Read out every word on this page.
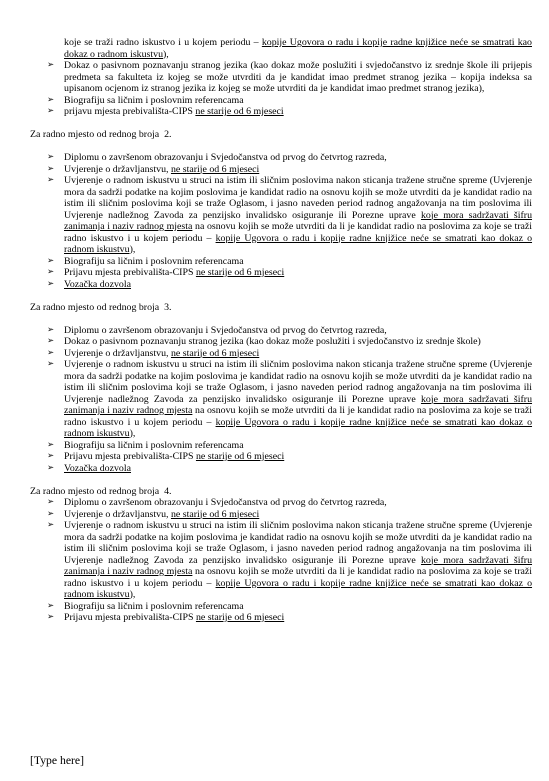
koje se traži radno iskustvo i u kojem periodu – kopije Ugovora o radu i kopije radne knjižice neće se smatrati kao dokaz o radnom iskustvu),
➢
Dokaz o pasivnom poznavanju stranog jezika (kao dokaz može poslužiti i svjedočanstvo iz srednje škole ili prijepis predmeta sa fakulteta iz kojeg se može utvrditi da je kandidat imao predmet stranog jezika – kopija indeksa sa upisanom ocjenom iz stranog jezika iz kojeg se može utvrditi da je kandidat imao predmet stranog jezika),
➢
Biografiju sa ličnim i poslovnim referencama
➢
prijavu mjesta prebivališta-CIPS ne starije od 6 mjeseci
Za radno mjesto od rednog broja  2.
➢
Diplomu o završenom obrazovanju i Svjedočanstva od prvog do četvrtog razreda,
➢
Uvjerenje o državljanstvu, ne starije od 6 mjeseci
➢
Uvjerenje o radnom iskustvu u struci na istim ili sličnim poslovima nakon sticanja tražene stručne spreme (Uvjerenje mora da sadrži podatke na kojim poslovima je kandidat radio na osnovu kojih se može utvrditi da je kandidat radio na istim ili sličnim poslovima koji se traže Oglasom, i jasno naveden period radnog angažovanja na tim poslovima ili Uvjerenje nadležnog Zavoda za penzijsko invalidsko osiguranje ili Porezne uprave koje mora sadržavati šifru zanimanja i naziv radnog mjesta na osnovu kojih se može utvrditi da li je kandidat radio na poslovima za koje se traži radno iskustvo i u kojem periodu – kopije Ugovora o radu i kopije radne knjižice neće se smatrati kao dokaz o radnom iskustvu),
➢
Biografiju sa ličnim i poslovnim referencama
➢
Prijavu mjesta prebivališta-CIPS ne starije od 6 mjeseci
➢
Vozačka dozvola
Za radno mjesto od rednog broja  3.
➢
Diplomu o završenom obrazovanju i Svjedočanstva od prvog do četvrtog razreda,
➢
Dokaz o pasivnom poznavanju stranog jezika (kao dokaz može poslužiti i svjedočanstvo iz srednje škole)
➢
Uvjerenje o državljanstvu, ne starije od 6 mjeseci
➢
Uvjerenje o radnom iskustvu u struci na istim ili sličnim poslovima nakon sticanja tražene stručne spreme (Uvjerenje mora da sadrži podatke na kojim poslovima je kandidat radio na osnovu kojih se može utvrditi da je kandidat radio na istim ili sličnim poslovima koji se traže Oglasom, i jasno naveden period radnog angažovanja na tim poslovima ili Uvjerenje nadležnog Zavoda za penzijsko invalidsko osiguranje ili Porezne uprave koje mora sadržavati šifru zanimanja i naziv radnog mjesta na osnovu kojih se može utvrditi da li je kandidat radio na poslovima za koje se traži radno iskustvo i u kojem periodu – kopije Ugovora o radu i kopije radne knjižice neće se smatrati kao dokaz o radnom iskustvu),
➢
Biografiju sa ličnim i poslovnim referencama
➢
Prijavu mjesta prebivališta-CIPS ne starije od 6 mjeseci
➢
Vozačka dozvola
Za radno mjesto od rednog broja  4.
➢
Diplomu o završenom obrazovanju i Svjedočanstva od prvog do četvrtog razreda,
➢
Uvjerenje o državljanstvu, ne starije od 6 mjeseci
➢
Uvjerenje o radnom iskustvu u struci na istim ili sličnim poslovima nakon sticanja tražene stručne spreme (Uvjerenje mora da sadrži podatke na kojim poslovima je kandidat radio na osnovu kojih se može utvrditi da je kandidat radio na istim ili sličnim poslovima koji se traže Oglasom, i jasno naveden period radnog angažovanja na tim poslovima ili Uvjerenje nadležnog Zavoda za penzijsko invalidsko osiguranje ili Porezne uprave koje mora sadržavati šifru zanimanja i naziv radnog mjesta na osnovu kojih se može utvrditi da li je kandidat radio na poslovima za koje se traži radno iskustvo i u kojem periodu – kopije Ugovora o radu i kopije radne knjižice neće se smatrati kao dokaz o radnom iskustvu),
➢
Biografiju sa ličnim i poslovnim referencama
➢
Prijavu mjesta prebivališta-CIPS ne starije od 6 mjeseci
[Type here]
